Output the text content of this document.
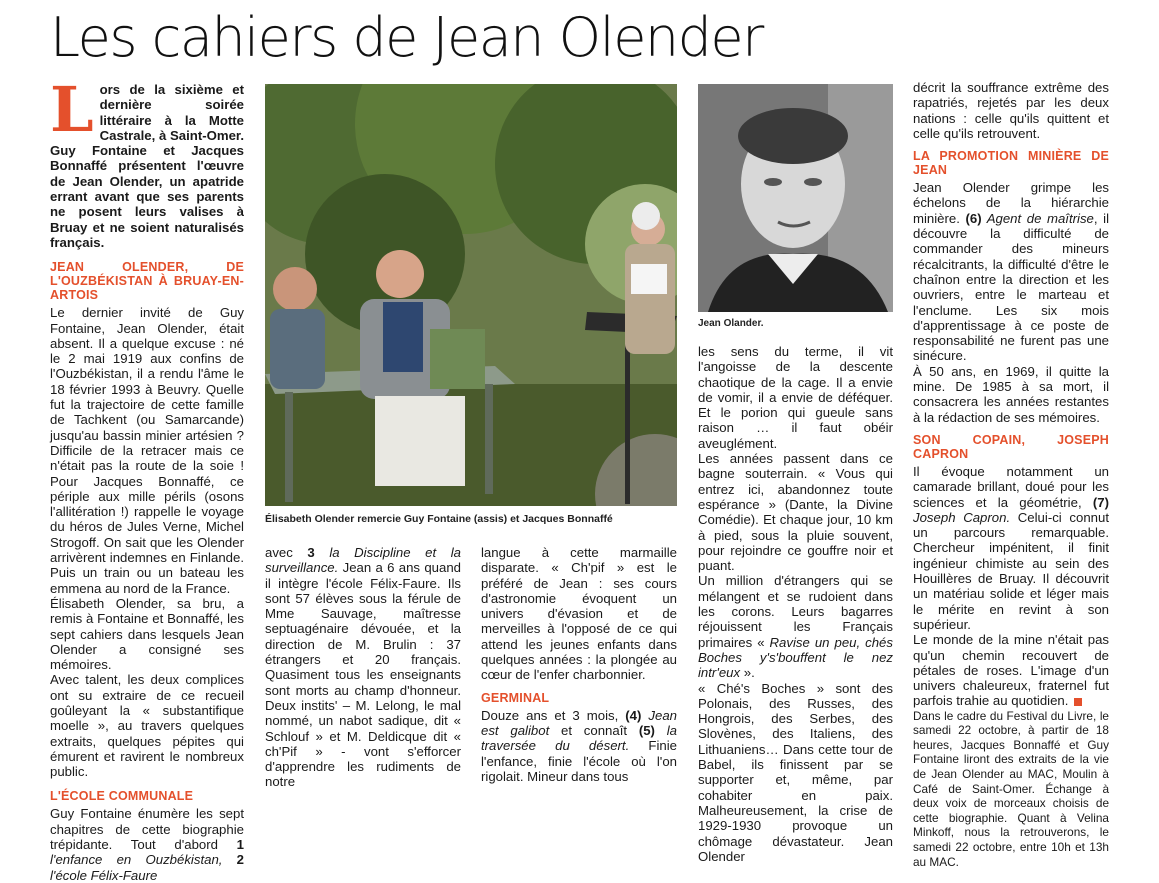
Les cahiers de Jean Olender

Lors de la sixième et dernière soirée littéraire à la Motte Castrale, à Saint-Omer. Guy Fontaine et Jacques Bonnaffé présentent l'œuvre de Jean Olender, un apatride errant avant que ses parents ne posent leurs valises à Bruay et ne soient naturalisés français.

JEAN OLENDER, DE L'OUZBÉKISTAN À BRUAY-EN-ARTOIS

Le dernier invité de Guy Fontaine, Jean Olender, était absent. Il a quelque excuse : né le 2 mai 1919 aux confins de l'Ouzbékistan, il a rendu l'âme le 18 février 1993 à Beuvry. Quelle fut la trajectoire de cette famille de Tachkent (ou Samarcande) jusqu'au bassin minier artésien ? Difficile de la retracer mais ce n'était pas la route de la soie ! Pour Jacques Bonnaffé, ce périple aux mille périls (osons l'allitération !) rappelle le voyage du héros de Jules Verne, Michel Strogoff. On sait que les Olender arrivèrent indemnes en Finlande. Puis un train ou un bateau les emmena au nord de la France.

Élisabeth Olender, sa bru, a remis à Fontaine et Bonnaffé, les sept cahiers dans lesquels Jean Olender a consigné ses mémoires.

Avec talent, les deux complices ont su extraire de ce recueil goûleyant la « substantifique moelle », au travers quelques extraits, quelques pépites qui émurent et ravirent le nombreux public.

L'ÉCOLE COMMUNALE

Guy Fontaine énumère les sept chapitres de cette biographie trépidante. Tout d'abord 1 l'enfance en Ouzbékistan, 2 l'école Félix-Faure

Élisabeth Olender remercie Guy Fontaine (assis) et Jacques Bonnaffé
Jean Olander.

avec 3 la Discipline et la surveillance. Jean a 6 ans quand il intègre l'école Félix-Faure. Ils sont 57 élèves sous la férule de Mme Sauvage, maîtresse septuagénaire dévouée, et la direction de M. Brulin : 37 étrangers et 20 français. Quasiment tous les enseignants sont morts au champ d'honneur. Deux instits' – M. Lelong, le mal nommé, un nabot sadique, dit « Schlouf » et M. Deldicque dit « ch'Pif » - vont s'efforcer d'apprendre les rudiments de notre

langue à cette marmaille disparate. « Ch'pif » est le préféré de Jean : ses cours d'astronomie évoquent un univers d'évasion et de merveilles à l'opposé de ce qui attend les jeunes enfants dans quelques années : la plongée au cœur de l'enfer charbonnier.

GERMINAL

Douze ans et 3 mois, (4) Jean est galibot et connaît (5) la traversée du désert. Finie l'enfance, finie l'école où l'on rigolait. Mineur dans tous

les sens du terme, il vit l'angoisse de la descente chaotique de la cage. Il a envie de vomir, il a envie de déféquer. Et le porion qui gueule sans raison … il faut obéir aveuglément.

Les années passent dans ce bagne souterrain. « Vous qui entrez ici, abandonnez toute espérance » (Dante, la Divine Comédie). Et chaque jour, 10 km à pied, sous la pluie souvent, pour rejoindre ce gouffre noir et puant.

Un million d'étrangers qui se mélangent et se rudoient dans les corons. Leurs bagarres réjouissent les Français primaires « Ravise un peu, chés Boches y's'bouffent le nez intr'eux ».

« Ché's Boches » sont des Polonais, des Russes, des Hongrois, des Serbes, des Slovènes, des Italiens, des Lithuaniens… Dans cette tour de Babel, ils finissent par se supporter et, même, par cohabiter en paix. Malheureusement, la crise de 1929-1930 provoque un chômage dévastateur. Jean Olender

décrit la souffrance extrême des rapatriés, rejetés par les deux nations : celle qu'ils quittent et celle qu'ils retrouvent.

LA PROMOTION MINIÈRE DE JEAN

Jean Olender grimpe les échelons de la hiérarchie minière. (6) Agent de maîtrise, il découvre la difficulté de commander des mineurs récalcitrants, la difficulté d'être le chaînon entre la direction et les ouvriers, entre le marteau et l'enclume. Les six mois d'apprentissage à ce poste de responsabilité ne furent pas une sinécure.

À 50 ans, en 1969, il quitte la mine. De 1985 à sa mort, il consacrera les années restantes à la rédaction de ses mémoires.

SON COPAIN, JOSEPH CAPRON

Il évoque notamment un camarade brillant, doué pour les sciences et la géométrie, (7) Joseph Capron. Celui-ci connut un parcours remarquable. Chercheur impénitent, il finit ingénieur chimiste au sein des Houillères de Bruay. Il découvrit un matériau solide et léger mais le mérite en revint à son supérieur.

Le monde de la mine n'était pas qu'un chemin recouvert de pétales de roses. L'image d'un univers chaleureux, fraternel fut parfois trahie au quotidien.

Dans le cadre du Festival du Livre, le samedi 22 octobre, à partir de 18 heures, Jacques Bonnaffé et Guy Fontaine liront des extraits de la vie de Jean Olender au MAC, Moulin à Café de Saint-Omer. Échange à deux voix de morceaux choisis de cette biographie. Quant à Velina Minkoff, nous la retrouverons, le samedi 22 octobre, entre 10h et 13h au MAC.
